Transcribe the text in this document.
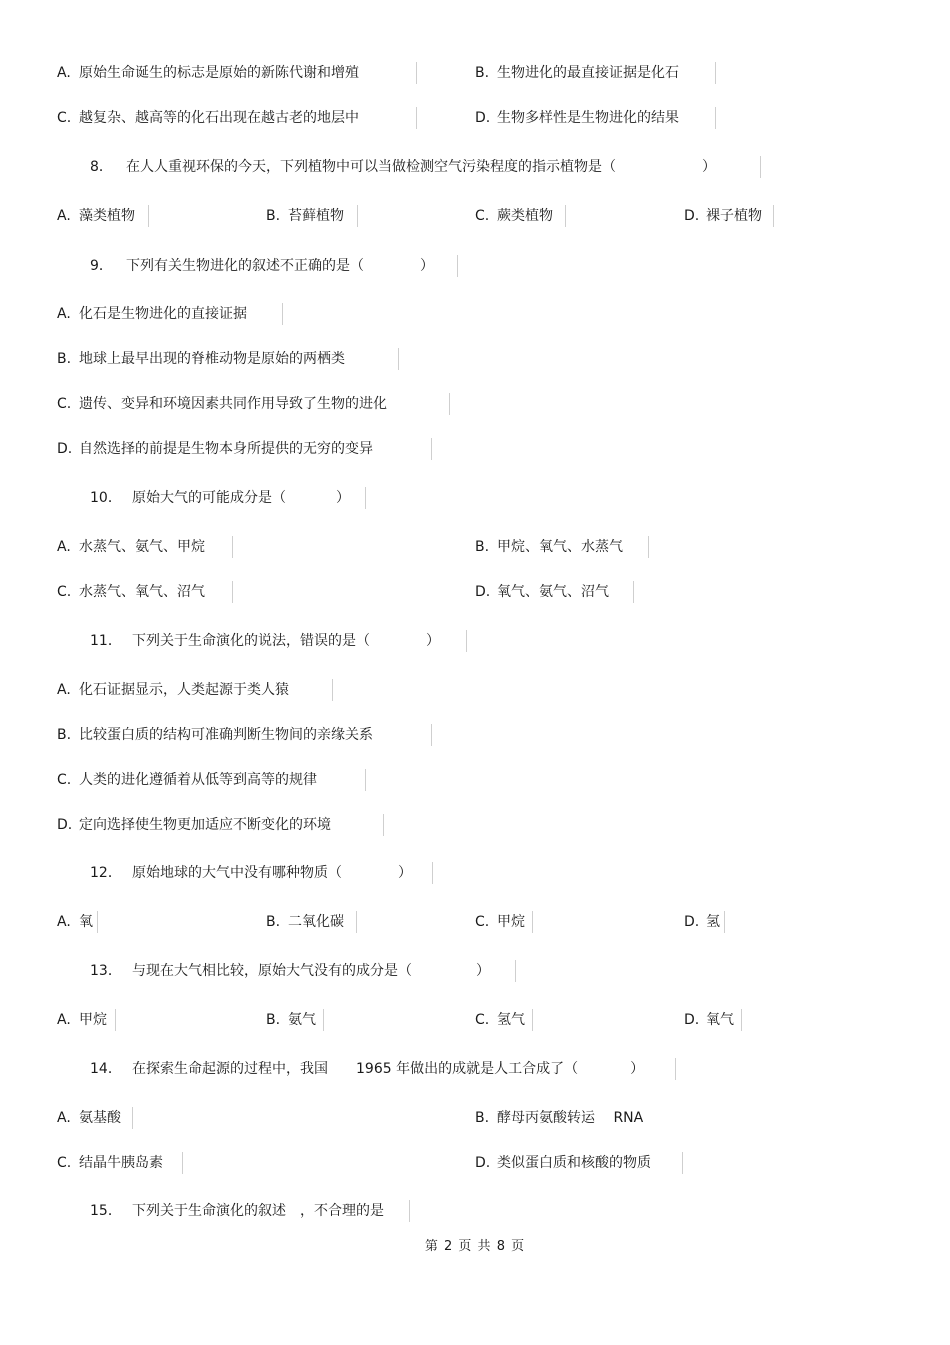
A. 原始生命诞生的标志是原始的新陈代谢和增殖	B. 生物进化的最直接证据是化石
C. 越复杂、越高等的化石出现在越古老的地层中	D. 生物多样性是生物进化的结果
8． 在人人重视环保的今天，下列植物中可以当做检测空气污染程度的指示植物是（	）
A. 藻类植物	B. 苔藓植物	C. 蕨类植物	D. 裸子植物
9． 下列有关生物进化的叙述不正确的是（	）
A. 化石是生物进化的直接证据
B. 地球上最早出现的脊椎动物是原始的两栖类
C. 遗传、变异和环境因素共同作用导致了生物的进化
D. 自然选择的前提是生物本身所提供的无穷的变异
10． 原始大气的可能成分是（	）
A. 水蒸气、氨气、甲烷	B. 甲烷、氧气、水蒸气
C. 水蒸气、氧气、沼气	D. 氧气、氨气、沼气
11． 下列关于生命演化的说法，错误的是（	）
A. 化石证据显示，人类起源于类人猿
B. 比较蛋白质的结构可准确判断生物间的亲缘关系
C. 人类的进化遵循着从低等到高等的规律
D. 定向选择使生物更加适应不断变化的环境
12． 原始地球的大气中没有哪种物质（	）
A. 氧	B. 二氧化碳	C. 甲烷	D. 氢
13． 与现在大气相比较，原始大气没有的成分是（	）
A. 甲烷	B. 氨气	C. 氢气	D. 氧气
14． 在探索生命起源的过程中，我国　　1965 年做出的成就是人工合成了（	）
A. 氨基酸	B. 酵母丙氨酸转运　 RNA
C. 结晶牛胰岛素	D. 类似蛋白质和核酸的物质
15． 下列关于生命演化的叙述　，不合理的是
第 2 页 共 8 页
